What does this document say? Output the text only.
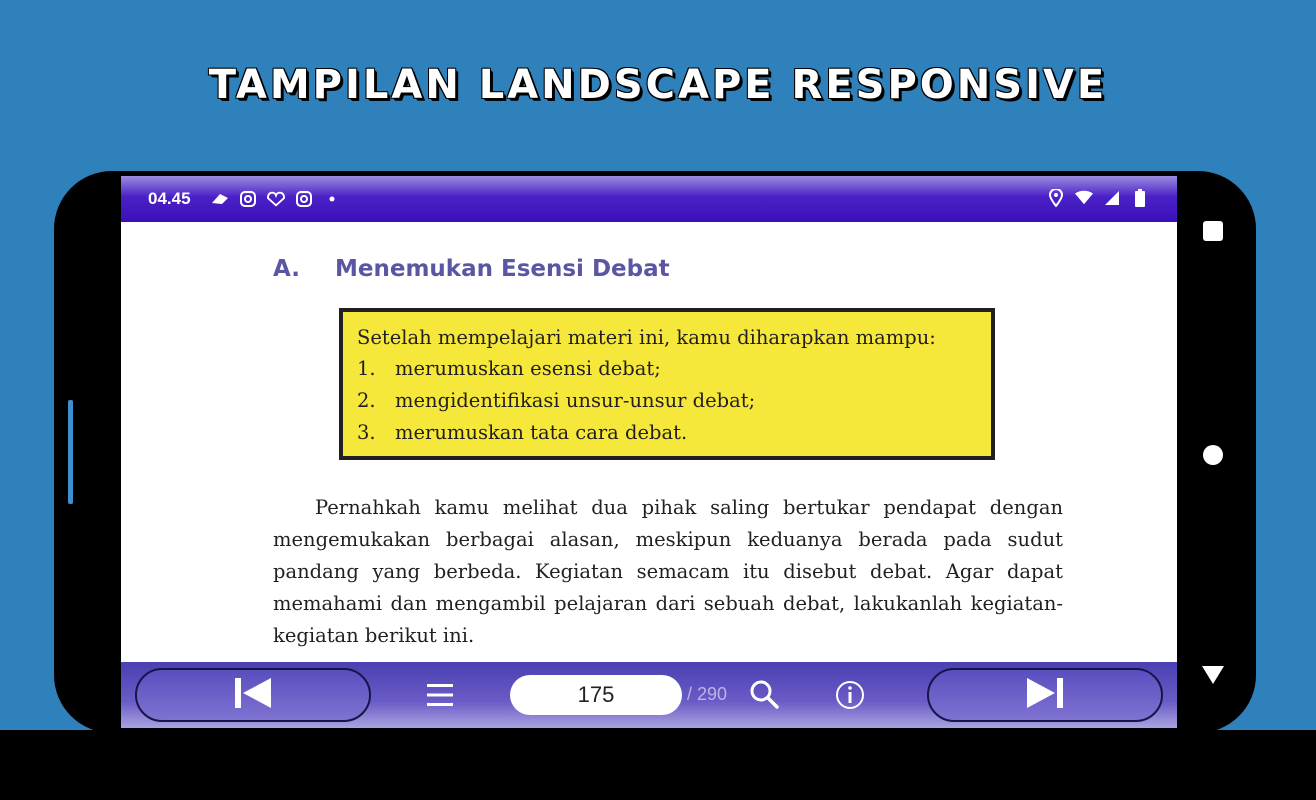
TAMPILAN LANDSCAPE RESPONSIVE
04.45
A.	Menemukan Esensi Debat
Setelah mempelajari materi ini, kamu diharapkan mampu:
1. merumuskan esensi debat;
2. mengidentifikasi unsur-unsur debat;
3. merumuskan tata cara debat.

Pernahkah kamu melihat dua pihak saling bertukar pendapat dengan mengemukakan berbagai alasan, meskipun keduanya berada pada sudut pandang yang berbeda. Kegiatan semacam itu disebut debat. Agar dapat memahami dan mengambil pelajaran dari sebuah debat, lakukanlah kegiatan-kegiatan berikut ini.

175
/ 290
